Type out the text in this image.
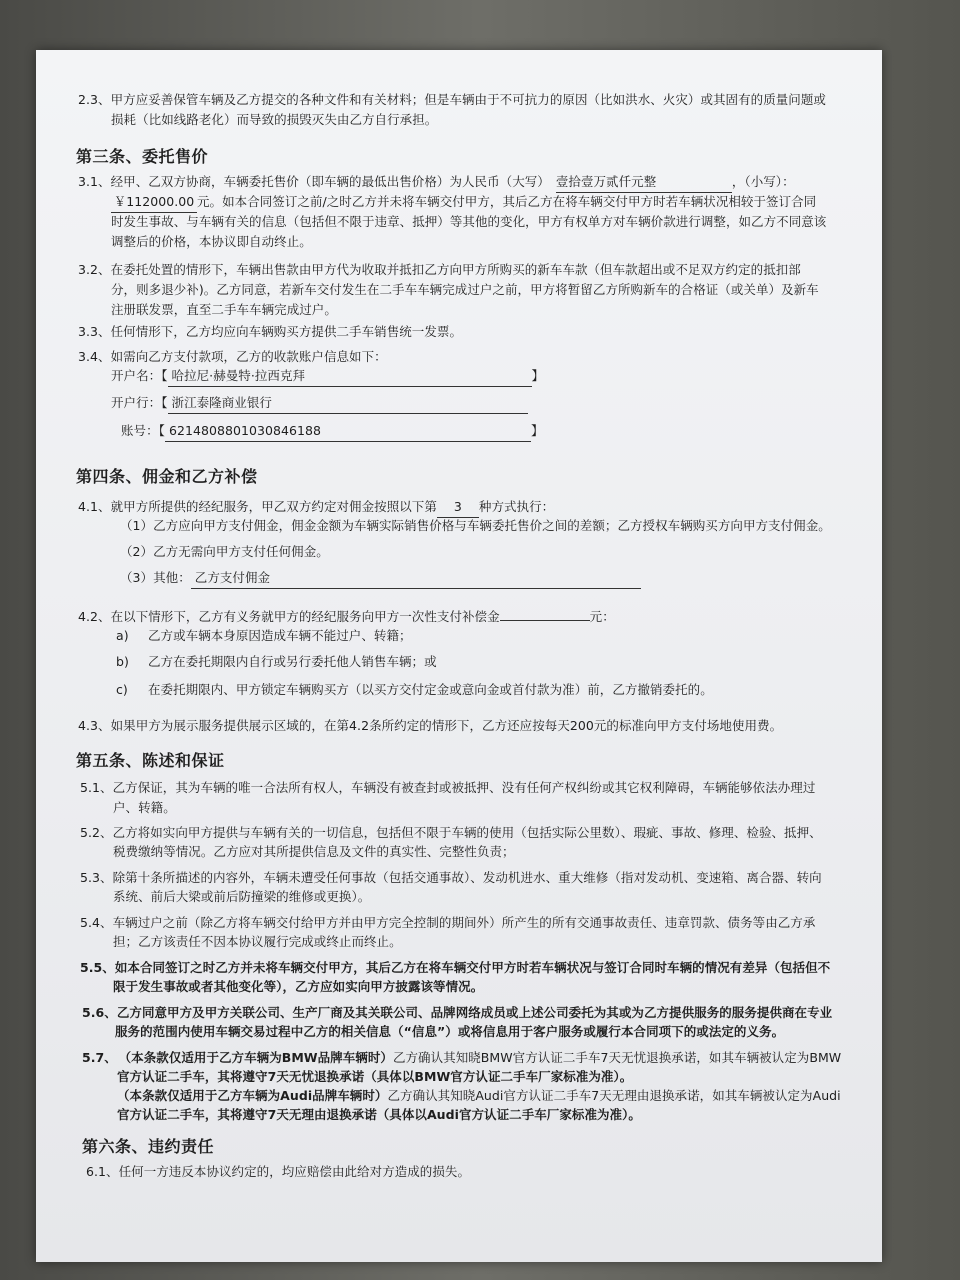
2.3、甲方应妥善保管车辆及乙方提交的各种文件和有关材料；但是车辆由于不可抗力的原因（比如洪水、火灾）或其固有的质量问题或
损耗（比如线路老化）而导致的损毁灭失由乙方自行承担。
第三条、委托售价
3.1、经甲、乙双方协商，车辆委托售价（即车辆的最低出售价格）为人民币（大写） 壹拾壹万贰仟元整	，（小写）：
￥112000.00 元。如本合同签订之前/之时乙方并未将车辆交付甲方，其后乙方在将车辆交付甲方时若车辆状况相较于签订合同
时发生事故、与车辆有关的信息（包括但不限于违章、抵押）等其他的变化，甲方有权单方对车辆价款进行调整，如乙方不同意该
调整后的价格，本协议即自动终止。
3.2、在委托处置的情形下，车辆出售款由甲方代为收取并抵扣乙方向甲方所购买的新车车款（但车款超出或不足双方约定的抵扣部
分，则多退少补)。乙方同意，若新车交付发生在二手车车辆完成过户之前，甲方将暂留乙方所购新车的合格证（或关单）及新车
注册联发票，直至二手车车辆完成过户。
3.3、任何情形下，乙方均应向车辆购买方提供二手车销售统一发票。
3.4、如需向乙方支付款项，乙方的收款账户信息如下：
开户名：【 哈拉尼·赫曼特·拉西克拜	】
开户行：【 浙江泰隆商业银行
账号：【 6214808801030846188	】
第四条、佣金和乙方补偿
4.1、就甲方所提供的经纪服务，甲乙双方约定对佣金按照以下第 3 种方式执行：
（1）乙方应向甲方支付佣金，佣金金额为车辆实际销售价格与车辆委托售价之间的差额；乙方授权车辆购买方向甲方支付佣金。
（2）乙方无需向甲方支付任何佣金。
（3）其他： 乙方支付佣金
4.2、在以下情形下，乙方有义务就甲方的经纪服务向甲方一次性支付补偿金	元：
a) 乙方或车辆本身原因造成车辆不能过户、转籍；
b) 乙方在委托期限内自行或另行委托他人销售车辆；或
c) 在委托期限内、甲方锁定车辆购买方（以买方交付定金或意向金或首付款为准）前，乙方撤销委托的。
4.3、如果甲方为展示服务提供展示区域的，在第4.2条所约定的情形下，乙方还应按每天200元的标准向甲方支付场地使用费。
第五条、陈述和保证
5.1、乙方保证，其为车辆的唯一合法所有权人，车辆没有被查封或被抵押、没有任何产权纠纷或其它权利障碍，车辆能够依法办理过
户、转籍。
5.2、乙方将如实向甲方提供与车辆有关的一切信息，包括但不限于车辆的使用（包括实际公里数）、瑕疵、事故、修理、检验、抵押、
税费缴纳等情况。乙方应对其所提供信息及文件的真实性、完整性负责；
5.3、除第十条所描述的内容外，车辆未遭受任何事故（包括交通事故）、发动机进水、重大维修（指对发动机、变速箱、离合器、转向
系统、前后大梁或前后防撞梁的维修或更换）。
5.4、车辆过户之前（除乙方将车辆交付给甲方并由甲方完全控制的期间外）所产生的所有交通事故责任、违章罚款、债务等由乙方承
担；乙方该责任不因本协议履行完成或终止而终止。
5.5、如本合同签订之时乙方并未将车辆交付甲方，其后乙方在将车辆交付甲方时若车辆状况与签订合同时车辆的情况有差异（包括但不
限于发生事故或者其他变化等），乙方应如实向甲方披露该等情况。
5.6、乙方同意甲方及甲方关联公司、生产厂商及其关联公司、品牌网络成员或上述公司委托为其或为乙方提供服务的服务提供商在专业
服务的范围内使用车辆交易过程中乙方的相关信息（“信息”）或将信息用于客户服务或履行本合同项下的或法定的义务。
5.7、 （本条款仅适用于乙方车辆为BMW品牌车辆时）乙方确认其知晓BMW官方认证二手车7天无忧退换承诺，如其车辆被认定为BMW
官方认证二手车，其将遵守7天无忧退换承诺（具体以BMW官方认证二手车厂家标准为准）。
（本条款仅适用于乙方车辆为Audi品牌车辆时）乙方确认其知晓Audi官方认证二手车7天无理由退换承诺，如其车辆被认定为Audi
官方认证二手车，其将遵守7天无理由退换承诺（具体以Audi官方认证二手车厂家标准为准）。
第六条、违约责任
6.1、任何一方违反本协议约定的，均应赔偿由此给对方造成的损失。
